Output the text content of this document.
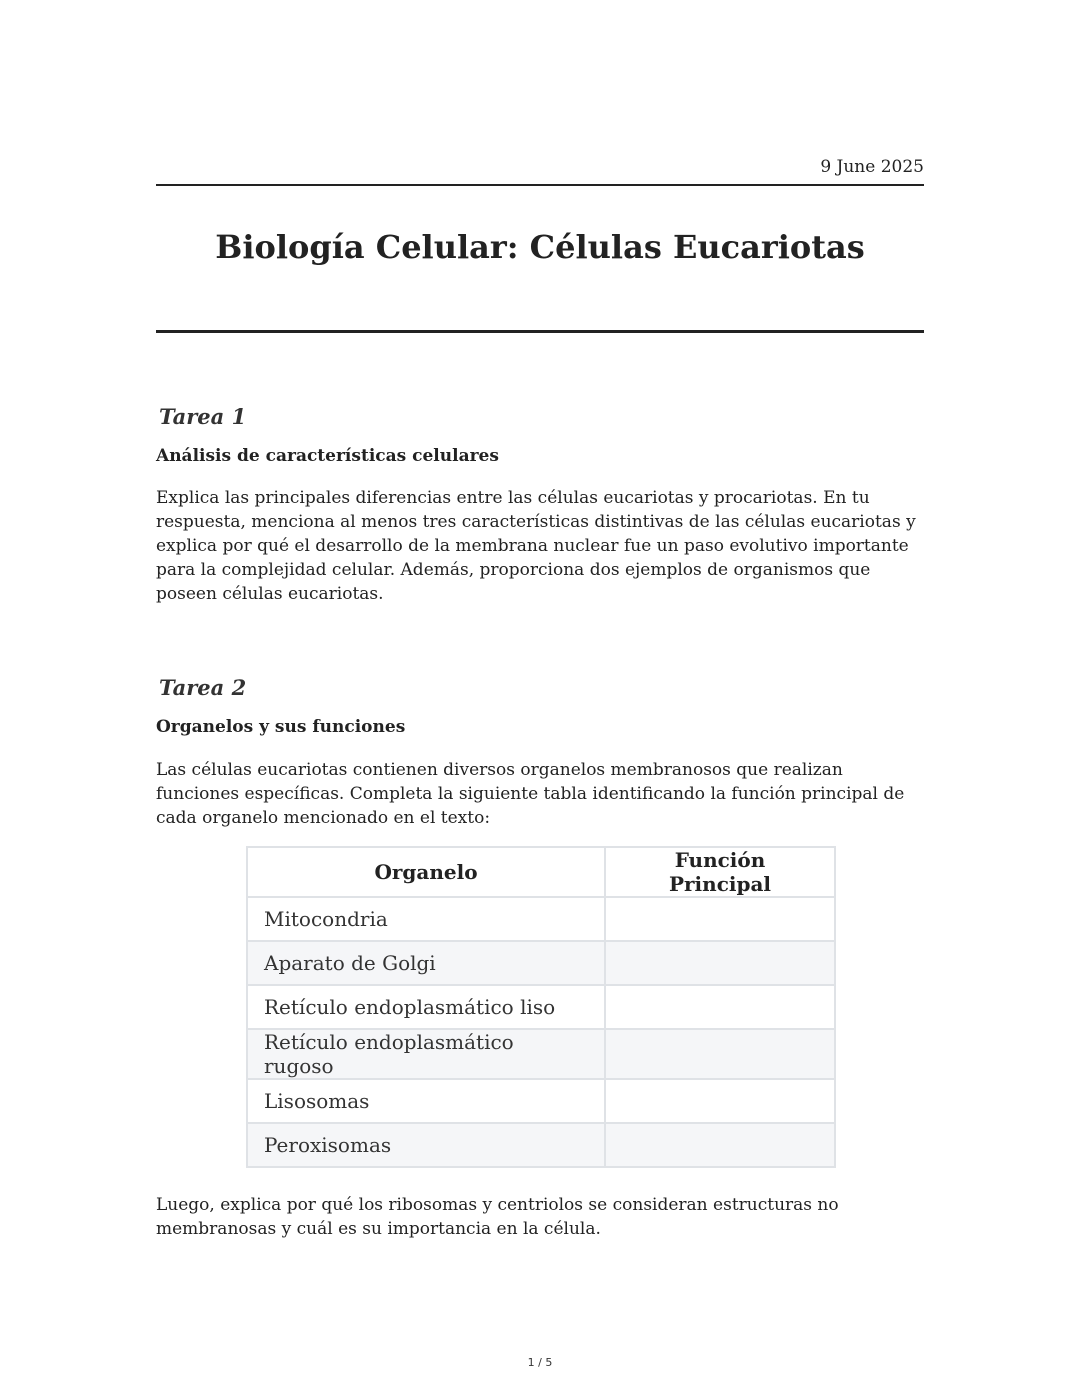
9 June 2025
Biología Celular: Células Eucariotas
Tarea 1
Análisis de características celulares

Explica las principales diferencias entre las células eucariotas y procariotas. En tu respuesta, menciona al menos tres características distintivas de las células eucariotas y explica por qué el desarrollo de la membrana nuclear fue un paso evolutivo importante para la complejidad celular. Además, proporciona dos ejemplos de organismos que poseen células eucariotas.

Tarea 2
Organelos y sus funciones

Las células eucariotas contienen diversos organelos membranosos que realizan funciones específicas. Completa la siguiente tabla identificando la función principal de cada organelo mencionado en el texto:

Organelo	Función Principal
Mitocondria	
Aparato de Golgi	
Retículo endoplasmático liso	
Retículo endoplasmático rugoso	
Lisosomas	
Peroxisomas	

Luego, explica por qué los ribosomas y centriolos se consideran estructuras no membranosas y cuál es su importancia en la célula.

1 / 5
